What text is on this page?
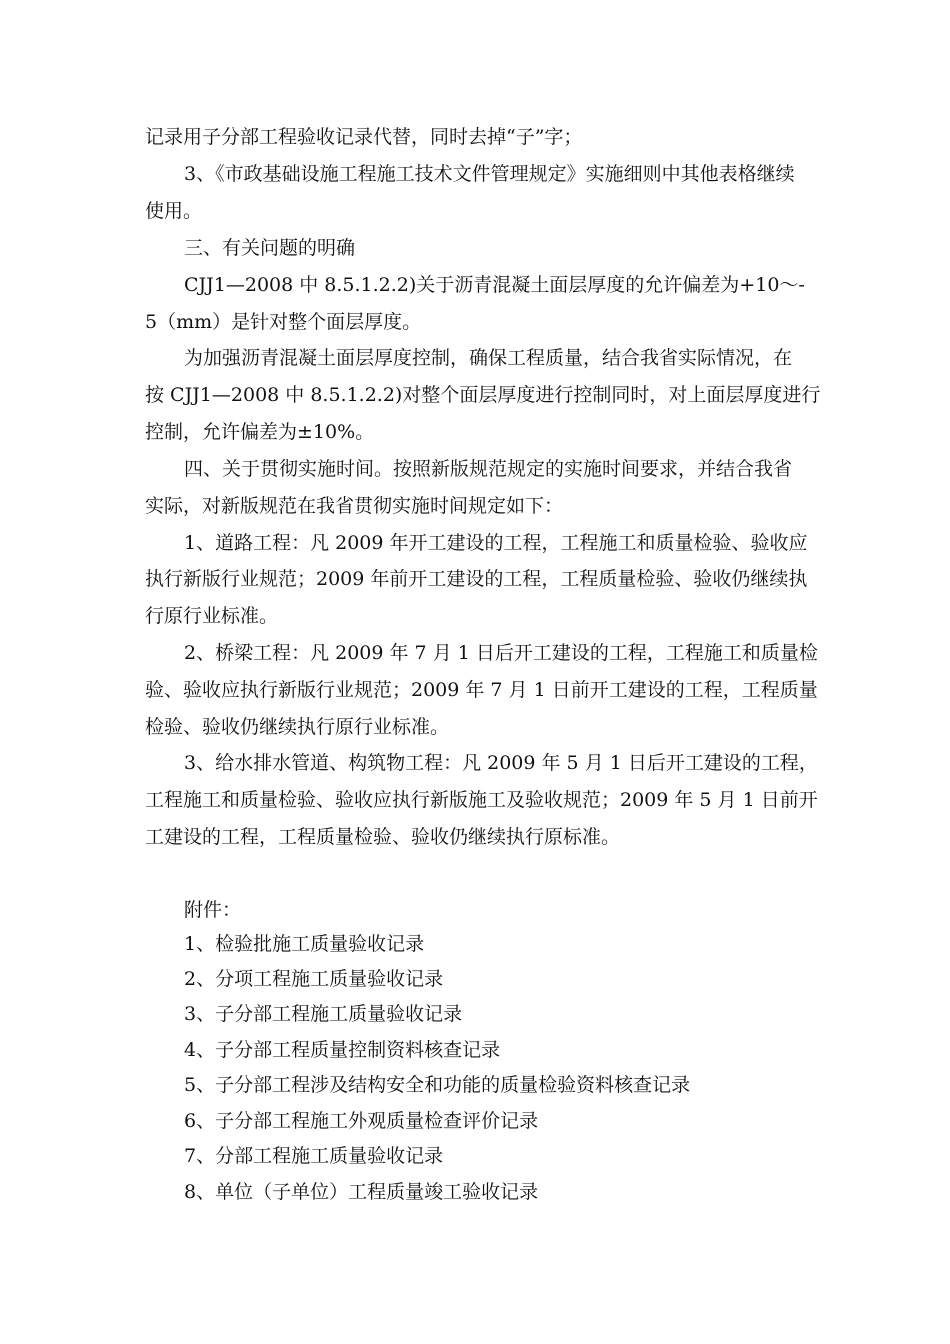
记录用子分部工程验收记录代替，同时去掉“子”字；
3、《市政基础设施工程施工技术文件管理规定》实施细则中其他表格继续
使用。
三、有关问题的明确
CJJ1—2008 中 8.5.1.2.2)关于沥青混凝土面层厚度的允许偏差为+10～-
5（mm）是针对整个面层厚度。
为加强沥青混凝土面层厚度控制，确保工程质量，结合我省实际情况，在
按 CJJ1—2008 中 8.5.1.2.2)对整个面层厚度进行控制同时，对上面层厚度进行
控制，允许偏差为±10%。
四、关于贯彻实施时间。按照新版规范规定的实施时间要求，并结合我省
实际，对新版规范在我省贯彻实施时间规定如下：
1、道路工程：凡 2009 年开工建设的工程，工程施工和质量检验、验收应
执行新版行业规范；2009 年前开工建设的工程，工程质量检验、验收仍继续执
行原行业标准。
2、桥梁工程：凡 2009 年 7 月 1 日后开工建设的工程，工程施工和质量检
验、验收应执行新版行业规范；2009 年 7 月 1 日前开工建设的工程，工程质量
检验、验收仍继续执行原行业标准。
3、给水排水管道、构筑物工程：凡 2009 年 5 月 1 日后开工建设的工程，
工程施工和质量检验、验收应执行新版施工及验收规范；2009 年 5 月 1 日前开
工建设的工程，工程质量检验、验收仍继续执行原标准。
附件：
1、检验批施工质量验收记录
2、分项工程施工质量验收记录
3、子分部工程施工质量验收记录
4、子分部工程质量控制资料核查记录
5、子分部工程涉及结构安全和功能的质量检验资料核查记录
6、子分部工程施工外观质量检查评价记录
7、分部工程施工质量验收记录
8、单位（子单位）工程质量竣工验收记录
